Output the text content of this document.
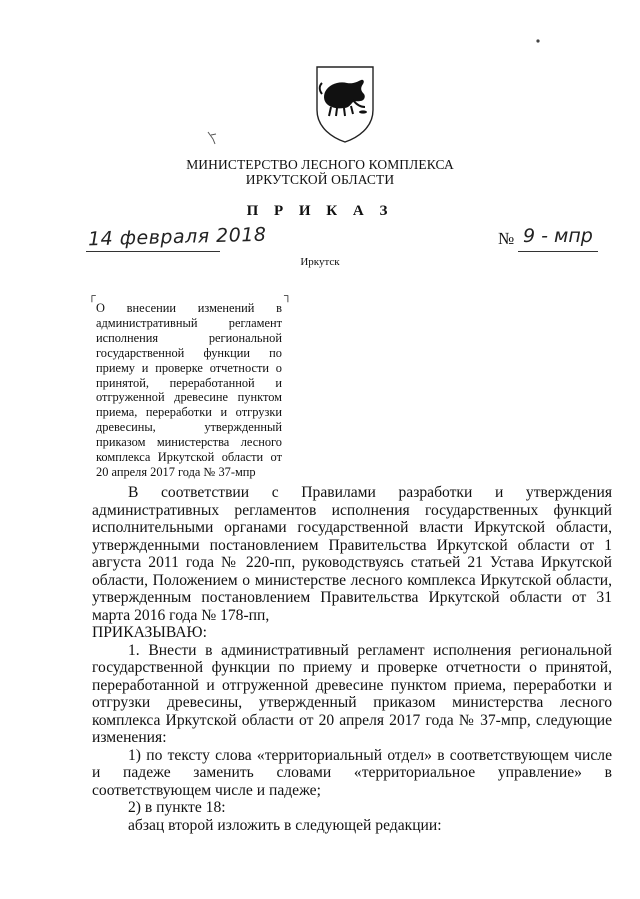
МИНИСТЕРСТВО ЛЕСНОГО КОМПЛЕКСА
ИРКУТСКОЙ ОБЛАСТИ
П Р И К А З
14 февраля 2018	№ 9 - мпр
Иркутск
┌	┐
О внесении изменений в административный регламент исполнения региональной государственной функции по приему и проверке отчетности о принятой, переработанной и отгруженной древесине пунктом приема, переработки и отгрузки древесины, утвержденный приказом министерства лесного комплекса Иркутской области от 20 апреля 2017 года № 37-мпр

В соответствии с Правилами разработки и утверждения административных регламентов исполнения государственных функций исполнительными органами государственной власти Иркутской области, утвержденными постановлением Правительства Иркутской области от 1 августа 2011 года № 220-пп, руководствуясь статьей 21 Устава Иркутской области, Положением о министерстве лесного комплекса Иркутской области, утвержденным постановлением Правительства Иркутской области от 31 марта 2016 года № 178-пп,

ПРИКАЗЫВАЮ:

1. Внести в административный регламент исполнения региональной государственной функции по приему и проверке отчетности о принятой, переработанной и отгруженной древесине пунктом приема, переработки и отгрузки древесины, утвержденный приказом министерства лесного комплекса Иркутской области от 20 апреля 2017 года № 37-мпр, следующие изменения:

1) по тексту слова «территориальный отдел» в соответствующем числе и падеже заменить словами «территориальное управление» в соответствующем числе и падеже;

2) в пункте 18:

абзац второй изложить в следующей редакции:
